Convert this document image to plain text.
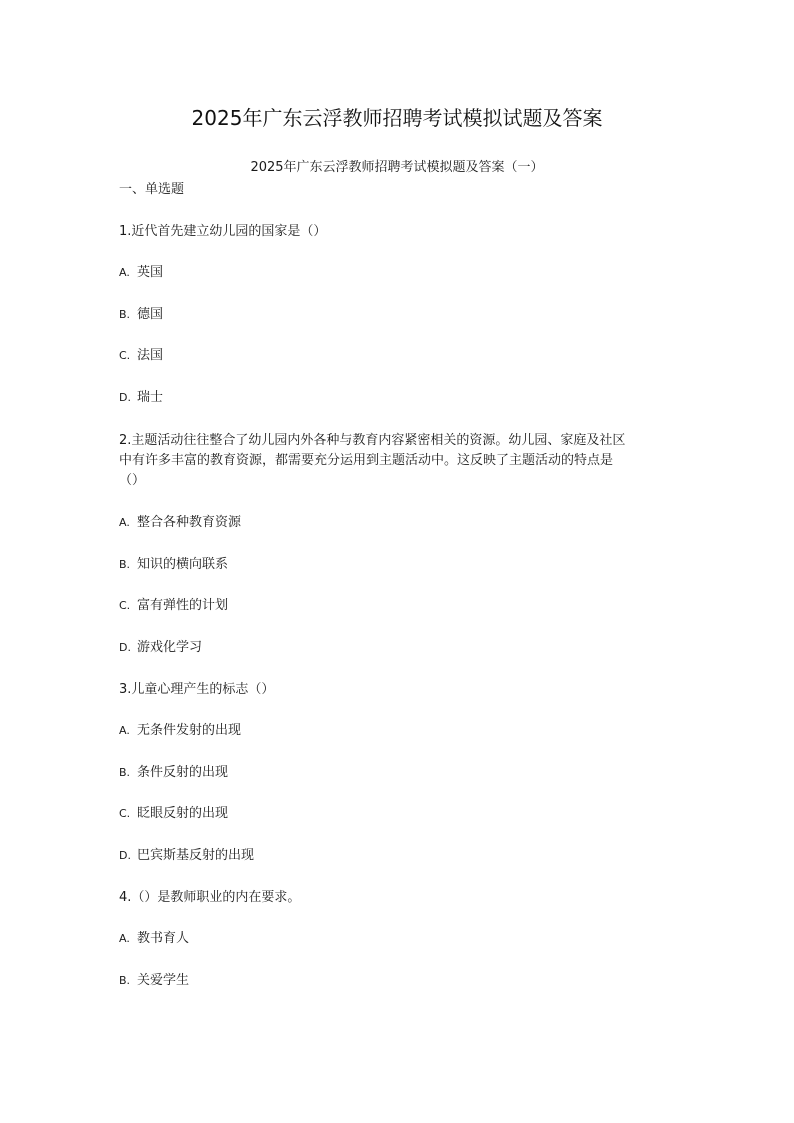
2025年广东云浮教师招聘考试模拟试题及答案
2025年广东云浮教师招聘考试模拟题及答案（一）
一、单选题
1.近代首先建立幼儿园的国家是（）
A. 英国
B. 德国
C. 法国
D. 瑞士
2.主题活动往往整合了幼儿园内外各种与教育内容紧密相关的资源。幼儿园、家庭及社区
中有许多丰富的教育资源，都需要充分运用到主题活动中。这反映了主题活动的特点是
（）
A. 整合各种教育资源
B. 知识的横向联系
C. 富有弹性的计划
D. 游戏化学习
3.儿童心理产生的标志（）
A. 无条件发射的出现
B. 条件反射的出现
C. 眨眼反射的出现
D. 巴宾斯基反射的出现
4.（）是教师职业的内在要求。
A. 教书育人
B. 关爱学生
